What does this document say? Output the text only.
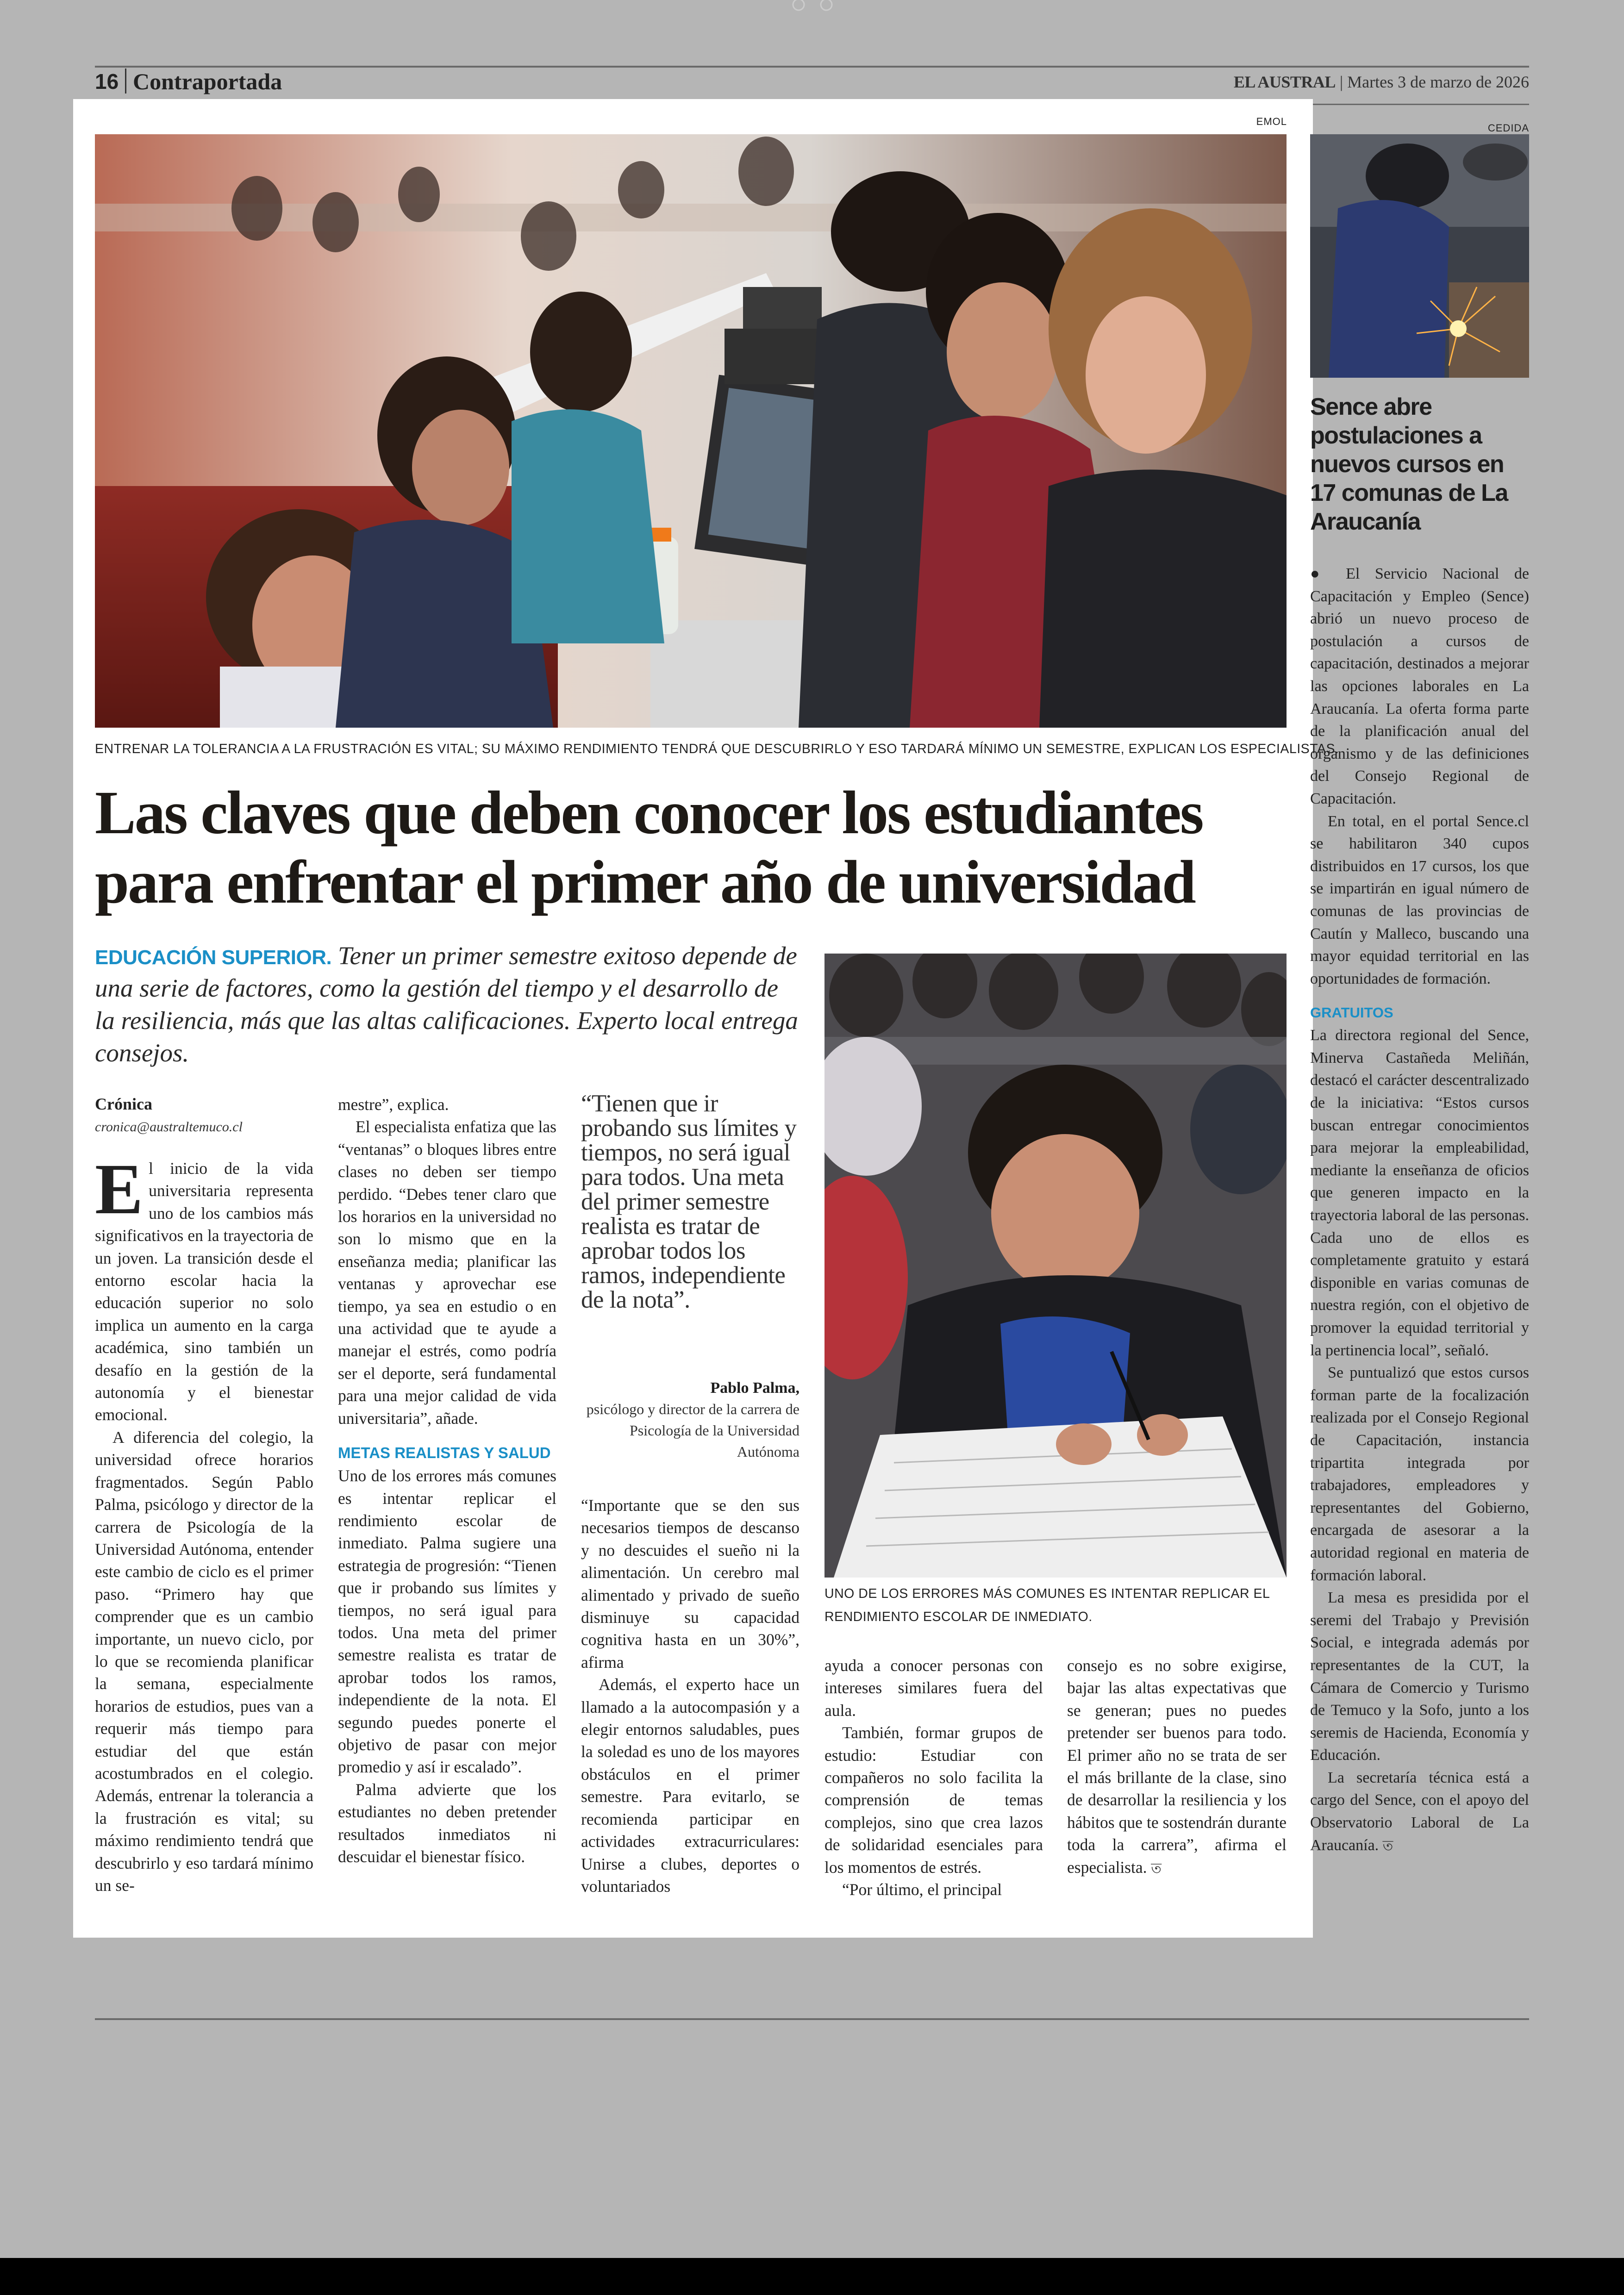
16 Contraportada	EL AUSTRAL | Martes 3 de marzo de 2026
EMOL
ENTRENAR LA TOLERANCIA A LA FRUSTRACIÓN ES VITAL; SU MÁXIMO RENDIMIENTO TENDRÁ QUE DESCUBRIRLO Y ESO TARDARÁ MÍNIMO UN SEMESTRE, EXPLICAN LOS ESPECIALISTAS.
Las claves que deben conocer los estudiantes
para enfrentar el primer año de universidad
EDUCACIÓN SUPERIOR. Tener un primer semestre exitoso depende de una serie de factores, como la gestión del tiempo y el desarrollo de la resiliencia, más que las altas calificaciones. Experto local entrega consejos.
Crónica
cronica@australtemuco.cl

El inicio de la vida universitaria representa uno de los cambios más significativos en la trayectoria de un joven. La transición desde el entorno escolar hacia la educación superior no solo implica un aumento en la carga académica, sino también un desafío en la gestión de la autonomía y el bienestar emocional.

A diferencia del colegio, la universidad ofrece horarios fragmentados. Según Pablo Palma, psicólogo y director de la carrera de Psicología de la Universidad Autónoma, entender este cambio de ciclo es el primer paso. “Primero hay que comprender que es un cambio importante, un nuevo ciclo, por lo que se recomienda planificar la semana, especialmente horarios de estudios, pues van a requerir más tiempo para estudiar del que están acostumbrados en el colegio. Además, entrenar la tolerancia a la frustración es vital; su máximo rendimiento tendrá que descubrirlo y eso tardará mínimo un se-

mestre”, explica.

El especialista enfatiza que las “ventanas” o bloques libres entre clases no deben ser tiempo perdido. “Debes tener claro que los horarios en la universidad no son lo mismo que en la enseñanza media; planificar las ventanas y aprovechar ese tiempo, ya sea en estudio o en una actividad que te ayude a manejar el estrés, como podría ser el deporte, será fundamental para una mejor calidad de vida universitaria”, añade.

METAS REALISTAS Y SALUD

Uno de los errores más comunes es intentar replicar el rendimiento escolar de inmediato. Palma sugiere una estrategia de progresión: “Tienen que ir probando sus límites y tiempos, no será igual para todos. Una meta del primer semestre realista es tratar de aprobar todos los ramos, independiente de la nota. El segundo puedes ponerte el objetivo de pasar con mejor promedio y así ir escalado”.

Palma advierte que los estudiantes no deben pretender resultados inmediatos ni descuidar el bienestar físico.

“Tienen que ir probando sus límites y tiempos, no será igual para todos. Una meta del primer semestre realista es tratar de aprobar todos los ramos, independiente de la nota”.
Pablo Palma,
psicólogo y director de la carrera de Psicología de la Universidad Autónoma

“Importante que se den sus necesarios tiempos de descanso y no descuides el sueño ni la alimentación. Un cerebro mal alimentado y privado de sueño disminuye su capacidad cognitiva hasta en un 30%”, afirma

Además, el experto hace un llamado a la autocompasión y a elegir entornos saludables, pues la soledad es uno de los mayores obstáculos en el primer semestre. Para evitarlo, se recomienda participar en actividades extracurriculares: Unirse a clubes, deportes o voluntariados

UNO DE LOS ERRORES MÁS COMUNES ES INTENTAR REPLICAR EL RENDIMIENTO ESCOLAR DE INMEDIATO.

ayuda a conocer personas con intereses similares fuera del aula.

También, formar grupos de estudio: Estudiar con compañeros no solo facilita la comprensión de temas complejos, sino que crea lazos de solidaridad esenciales para los momentos de estrés.

“Por último, el principal

consejo es no sobre exigirse, bajar las altas expectativas que se generan; pues no puedes pretender ser buenos para todo. El primer año no se trata de ser el más brillante de la clase, sino de desarrollar la resiliencia y los hábitos que te sostendrán durante toda la carrera”, afirma el especialista. ত

CEDIDA
Sence abre postulaciones a nuevos cursos en 17 comunas de La Araucanía

● El Servicio Nacional de Capacitación y Empleo (Sence) abrió un nuevo proceso de postulación a cursos de capacitación, destinados a mejorar las opciones laborales en La Araucanía. La oferta forma parte de la planificación anual del organismo y de las definiciones del Consejo Regional de Capacitación.

En total, en el portal Sence.cl se habilitaron 340 cupos distribuidos en 17 cursos, los que se impartirán en igual número de comunas de las provincias de Cautín y Malleco, buscando una mayor equidad territorial en las oportunidades de formación.

GRATUITOS

La directora regional del Sence, Minerva Castañeda Meliñán, destacó el carácter descentralizado de la iniciativa: “Estos cursos buscan entregar conocimientos para mejorar la empleabilidad, mediante la enseñanza de oficios que generen impacto en la trayectoria laboral de las personas. Cada uno de ellos es completamente gratuito y estará disponible en varias comunas de nuestra región, con el objetivo de promover la equidad territorial y la pertinencia local”, señaló.

Se puntualizó que estos cursos forman parte de la focalización realizada por el Consejo Regional de Capacitación, instancia tripartita integrada por trabajadores, empleadores y representantes del Gobierno, encargada de asesorar a la autoridad regional en materia de formación laboral.

La mesa es presidida por el seremi del Trabajo y Previsión Social, e integrada además por representantes de la CUT, la Cámara de Comercio y Turismo de Temuco y la Sofo, junto a los seremis de Hacienda, Economía y Educación.

La secretaría técnica está a cargo del Sence, con el apoyo del Observatorio Laboral de La Araucanía. ত
